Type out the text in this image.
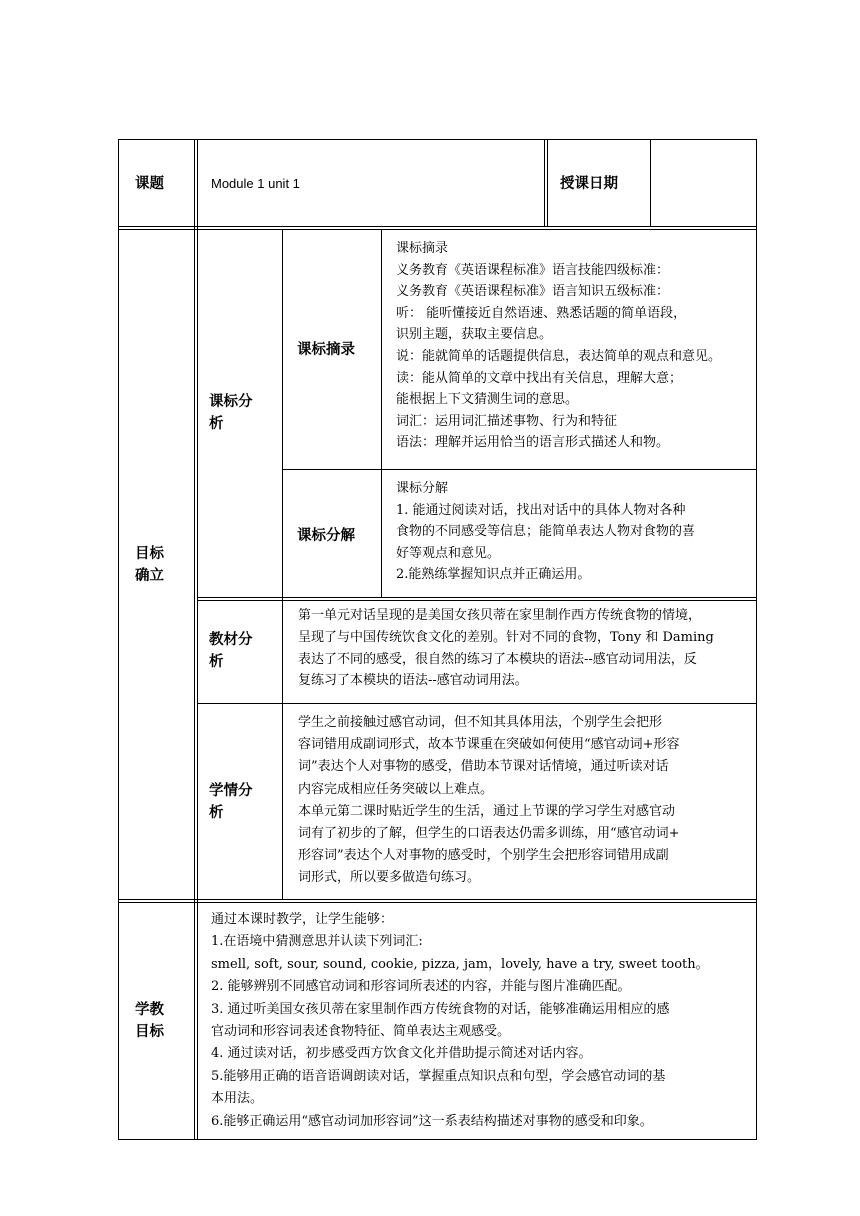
课题	Module 1 unit 1	授课日期
目标
确立
课标分
析
课标摘录
课标分解
教材分
析
学情分
析
课标摘录
义务教育《英语课程标准》语言技能四级标准：
义务教育《英语课程标准》语言知识五级标准：
听： 能听懂接近自然语速、熟悉话题的简单语段，
识别主题，获取主要信息。
说：能就简单的话题提供信息，表达简单的观点和意见。
读：能从简单的文章中找出有关信息，理解大意；
能根据上下文猜测生词的意思。
词汇：运用词汇描述事物、行为和特征
语法：理解并运用恰当的语言形式描述人和物。
课标分解
1. 能通过阅读对话，找出对话中的具体人物对各种
食物的不同感受等信息；能简单表达人物对食物的喜
好等观点和意见。
2.能熟练掌握知识点并正确运用。
第一单元对话呈现的是美国女孩贝蒂在家里制作西方传统食物的情境，
呈现了与中国传统饮食文化的差别。针对不同的食物，Tony 和 Daming
表达了不同的感受，很自然的练习了本模块的语法--感官动词用法，反
复练习了本模块的语法--感官动词用法。
学生之前接触过感官动词，但不知其具体用法，个别学生会把形
容词错用成副词形式，故本节课重在突破如何使用“感官动词+形容
词”表达个人对事物的感受，借助本节课对话情境，通过听读对话
内容完成相应任务突破以上难点。
本单元第二课时贴近学生的生活，通过上节课的学习学生对感官动
词有了初步的了解，但学生的口语表达仍需多训练，用“感官动词+
形容词”表达个人对事物的感受时，个别学生会把形容词错用成副
词形式，所以要多做造句练习。
学教
目标
通过本课时教学，让学生能够：
1.在语境中猜测意思并认读下列词汇:
smell, soft, sour, sound, cookie, pizza, jam，lovely, have a try, sweet tooth。
2. 能够辨别不同感官动词和形容词所表述的内容，并能与图片准确匹配。
3. 通过听美国女孩贝蒂在家里制作西方传统食物的对话，能够准确运用相应的感
官动词和形容词表述食物特征、简单表达主观感受。
4. 通过读对话，初步感受西方饮食文化并借助提示简述对话内容。
5.能够用正确的语音语调朗读对话，掌握重点知识点和句型，学会感官动词的基
本用法。
6.能够正确运用“感官动词加形容词”这一系表结构描述对事物的感受和印象。
